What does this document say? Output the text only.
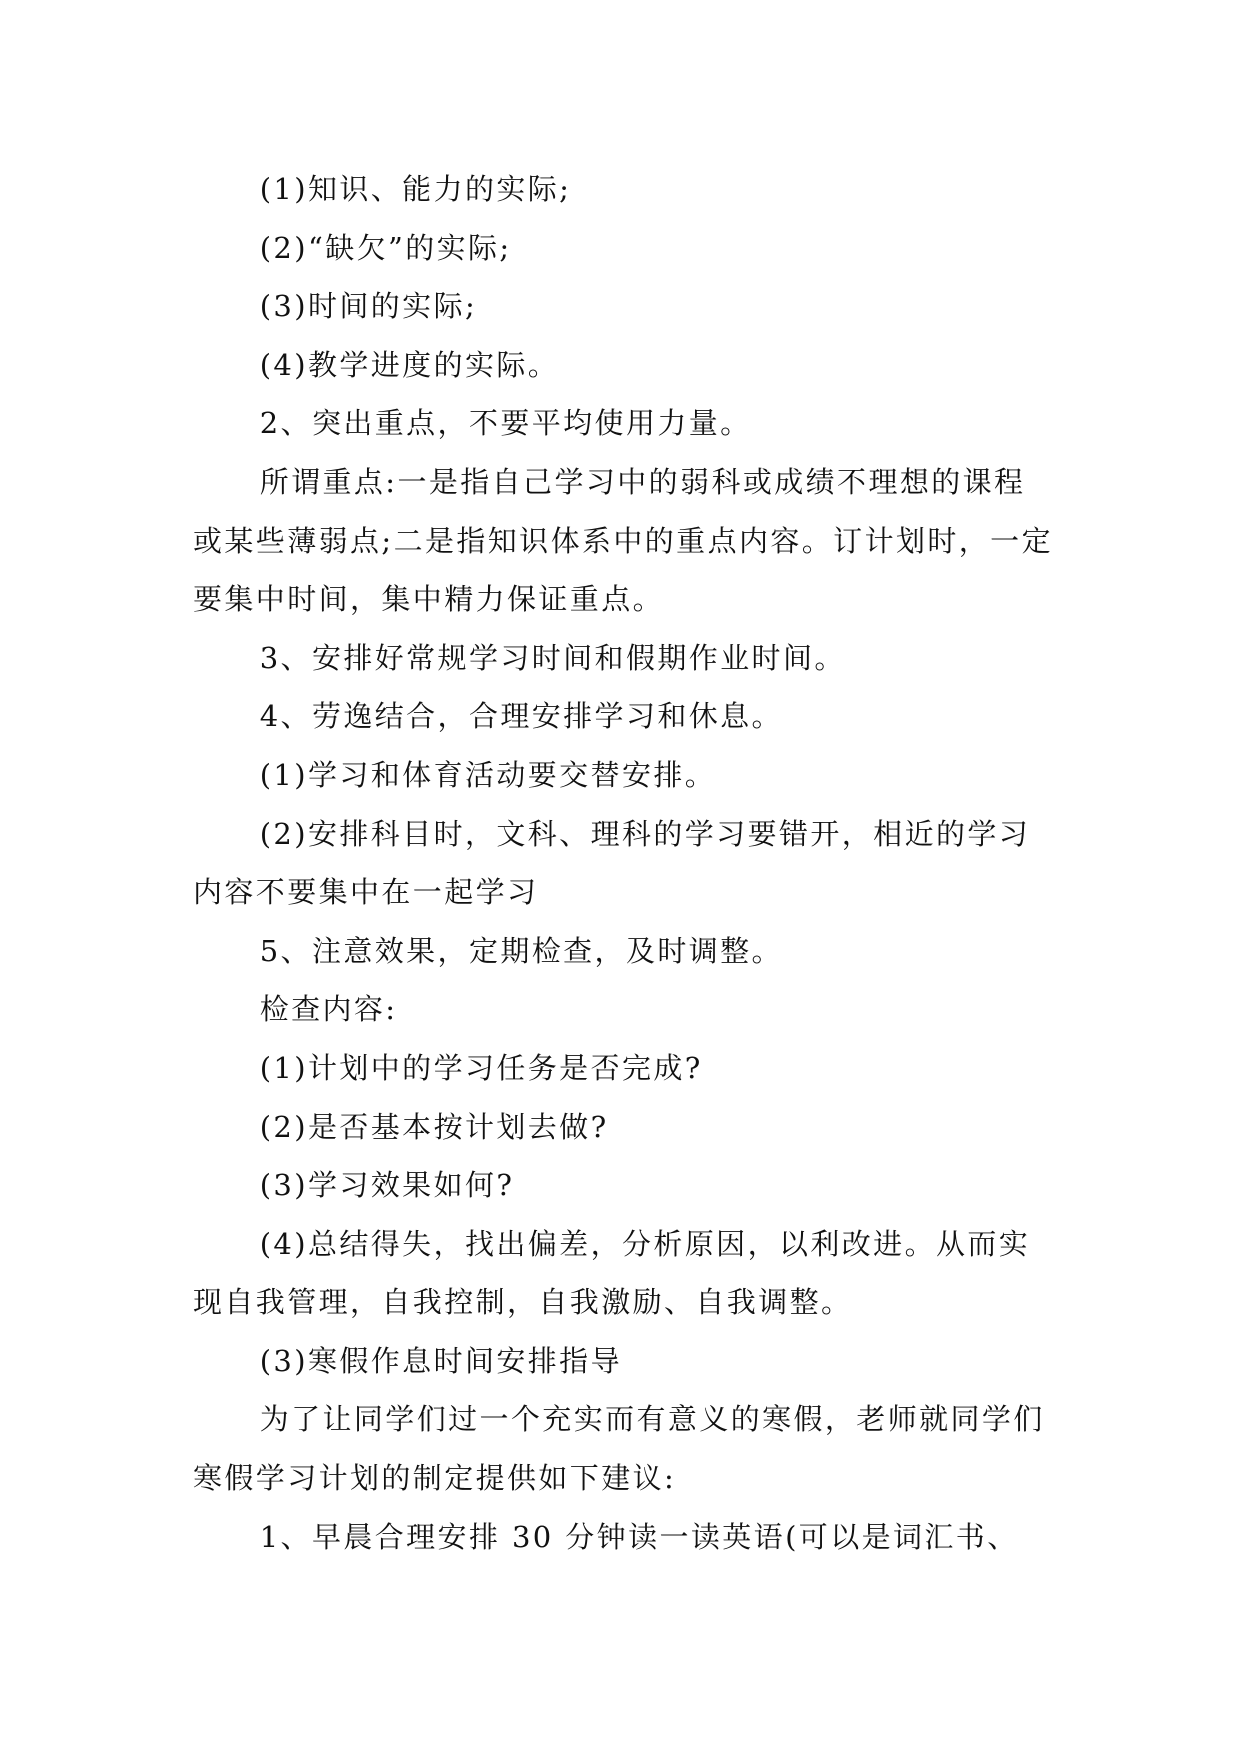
(1)知识、能力的实际;

(2)“缺欠”的实际;

(3)时间的实际;

(4)教学进度的实际。

2、突出重点，不要平均使用力量。

所谓重点:一是指自己学习中的弱科或成绩不理想的课程或某些薄弱点;二是指知识体系中的重点内容。订计划时，一定要集中时间，集中精力保证重点。

3、安排好常规学习时间和假期作业时间。

4、劳逸结合，合理安排学习和休息。

(1)学习和体育活动要交替安排。

(2)安排科目时，文科、理科的学习要错开，相近的学习内容不要集中在一起学习

5、注意效果，定期检查，及时调整。

检查内容:

(1)计划中的学习任务是否完成?

(2)是否基本按计划去做?

(3)学习效果如何?

(4)总结得失，找出偏差，分析原因，以利改进。从而实现自我管理，自我控制，自我激励、自我调整。

(3)寒假作息时间安排指导

为了让同学们过一个充实而有意义的寒假，老师就同学们寒假学习计划的制定提供如下建议:

1、早晨合理安排 30 分钟读一读英语(可以是词汇书、
